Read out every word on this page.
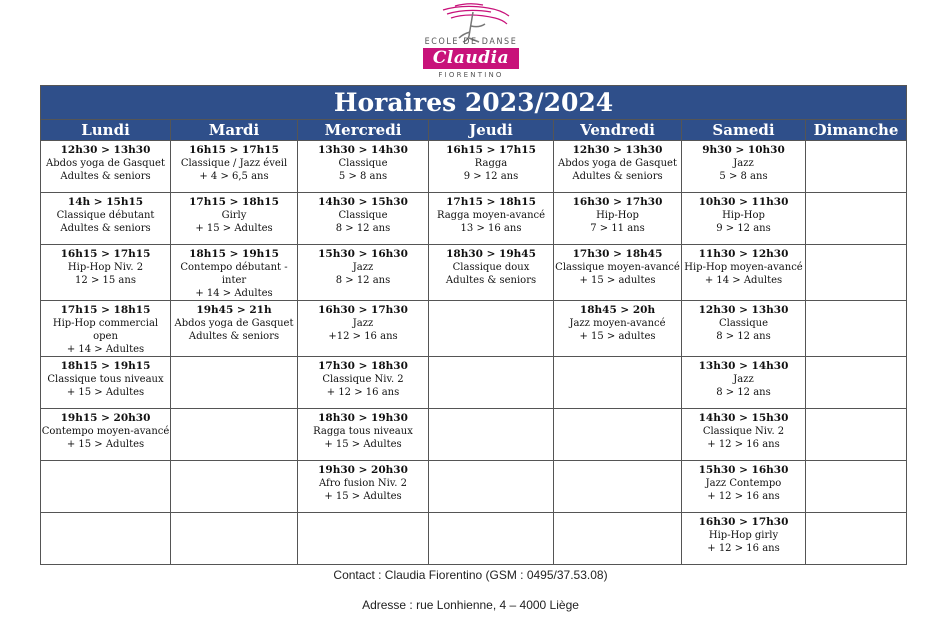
ECOLE DE DANSE
Claudia
FIORENTINO
Horaires 2023/2024						
Lundi	Mardi	Mercredi	Jeudi	Vendredi	Samedi	Dimanche

12h30 > 13h30
Abdos yoga de Gasquet
Adultes & seniors	16h15 > 17h15
Classique / Jazz éveil
+ 4 > 6,5 ans	13h30 > 14h30
Classique
5 > 8 ans	16h15 > 17h15
Ragga
9 > 12 ans	12h30 > 13h30
Abdos yoga de Gasquet
Adultes & seniors	9h30 > 10h30
Jazz
5 > 8 ans	

14h > 15h15
Classique débutant
Adultes & seniors	17h15 > 18h15
Girly
+ 15 > Adultes	14h30 > 15h30
Classique
8 > 12 ans	17h15 > 18h15
Ragga moyen-avancé
13 > 16 ans	16h30 > 17h30
Hip-Hop
7 > 11 ans	10h30 > 11h30
Hip-Hop
9 > 12 ans	

16h15 > 17h15
Hip-Hop Niv. 2
12 > 15 ans	18h15 > 19h15
Contempo débutant - inter
+ 14 > Adultes	15h30 > 16h30
Jazz
8 > 12 ans	18h30 > 19h45
Classique doux
Adultes & seniors	17h30 > 18h45
Classique moyen-avancé
+ 15 > adultes	11h30 > 12h30
Hip-Hop moyen-avancé
+ 14 > Adultes	

17h15 > 18h15
Hip-Hop commercial open
+ 14 > Adultes	19h45 > 21h
Abdos yoga de Gasquet
Adultes & seniors	16h30 > 17h30
Jazz
+12 > 16 ans		18h45 > 20h
Jazz moyen-avancé
+ 15 > adultes	12h30 > 13h30
Classique
8 > 12 ans	

18h15 > 19h15
Classique tous niveaux
+ 15 > Adultes		17h30 > 18h30
Classique Niv. 2
+ 12 > 16 ans			13h30 > 14h30
Jazz
8 > 12 ans	

19h15 > 20h30
Contempo moyen-avancé
+ 15 > Adultes		18h30 > 19h30
Ragga tous niveaux
+ 15 > Adultes			14h30 > 15h30
Classique Niv. 2
+ 12 > 16 ans	

		19h30 > 20h30
Afro fusion Niv. 2
+ 15 > Adultes			15h30 > 16h30
Jazz Contempo
+ 12 > 16 ans	

					16h30 > 17h30
Hip-Hop girly
+ 12 > 16 ans	

Contact : Claudia Fiorentino (GSM : 0495/37.53.08)
Adresse : rue Lonhienne, 4 – 4000 Liège
